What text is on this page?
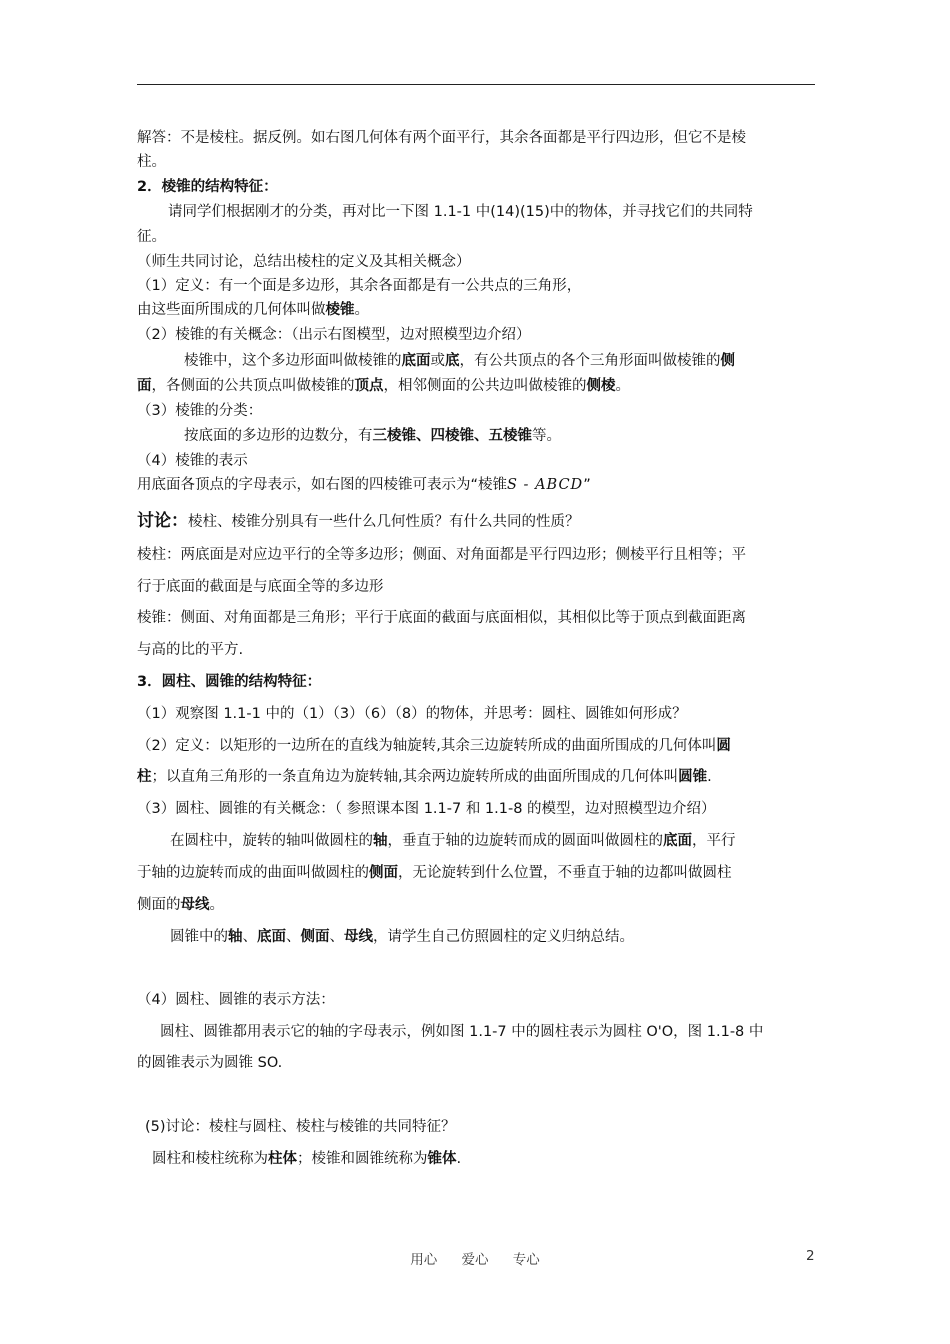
解答：不是棱柱。据反例。如右图几何体有两个面平行，其余各面都是平行四边形，但它不是棱
柱。
2．棱锥的结构特征：
请同学们根据刚才的分类，再对比一下图 1.1-1 中(14)(15)中的物体，并寻找它们的共同特
征。
（师生共同讨论，总结出棱柱的定义及其相关概念）
（1）定义：有一个面是多边形，其余各面都是有一公共点的三角形，
由这些面所围成的几何体叫做棱锥。
（2）棱锥的有关概念：（出示右图模型，边对照模型边介绍）
棱锥中，这个多边形面叫做棱锥的底面或底，有公共顶点的各个三角形面叫做棱锥的侧
面，各侧面的公共顶点叫做棱锥的顶点，相邻侧面的公共边叫做棱锥的侧棱。
（3）棱锥的分类：
按底面的多边形的边数分，有三棱锥、四棱锥、五棱锥等。
（4）棱锥的表示
用底面各顶点的字母表示，如右图的四棱锥可表示为“棱锥S - ABCD”
讨论：棱柱、棱锥分别具有一些什么几何性质？有什么共同的性质？
棱柱：两底面是对应边平行的全等多边形；侧面、对角面都是平行四边形；侧棱平行且相等；平
行于底面的截面是与底面全等的多边形
棱锥：侧面、对角面都是三角形；平行于底面的截面与底面相似，其相似比等于顶点到截面距离
与高的比的平方.
3．圆柱、圆锥的结构特征：
（1）观察图 1.1-1 中的（1）（3）（6）（8）的物体，并思考：圆柱、圆锥如何形成？
（2）定义：以矩形的一边所在的直线为轴旋转,其余三边旋转所成的曲面所围成的几何体叫圆
柱；以直角三角形的一条直角边为旋转轴,其余两边旋转所成的曲面所围成的几何体叫圆锥.
（3）圆柱、圆锥的有关概念：（ 参照课本图 1.1-7 和 1.1-8 的模型，边对照模型边介绍）
在圆柱中，旋转的轴叫做圆柱的轴，垂直于轴的边旋转而成的圆面叫做圆柱的底面，平行
于轴的边旋转而成的曲面叫做圆柱的侧面，无论旋转到什么位置，不垂直于轴的边都叫做圆柱
侧面的母线。
圆锥中的轴、底面、侧面、母线，请学生自己仿照圆柱的定义归纳总结。
（4）圆柱、圆锥的表示方法：
圆柱、圆锥都用表示它的轴的字母表示，例如图 1.1-7 中的圆柱表示为圆柱 O'O，图 1.1-8 中
的圆锥表示为圆锥 SO.
(5)讨论：棱柱与圆柱、棱柱与棱锥的共同特征？
圆柱和棱柱统称为柱体；棱锥和圆锥统称为锥体.
用心 爱心 专心	2
